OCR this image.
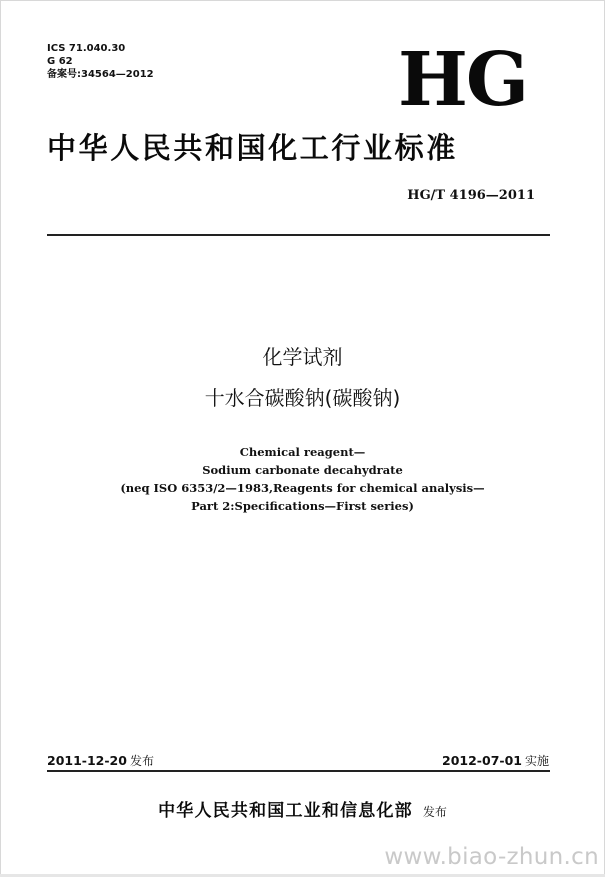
ICS 71.040.30
G 62
备案号:34564—2012	HG
中华人民共和国化工行业标准
HG/T 4196—2011
化学试剂
十水合碳酸钠(碳酸钠)
Chemical reagent—
Sodium carbonate decahydrate
(neq ISO 6353/2—1983,Reagents for chemical analysis—
Part 2:Specifications—First series)
2011-12-20 发布	2012-07-01 实施
中华人民共和国工业和信息化部 发布
www.biao-zhun.cn
